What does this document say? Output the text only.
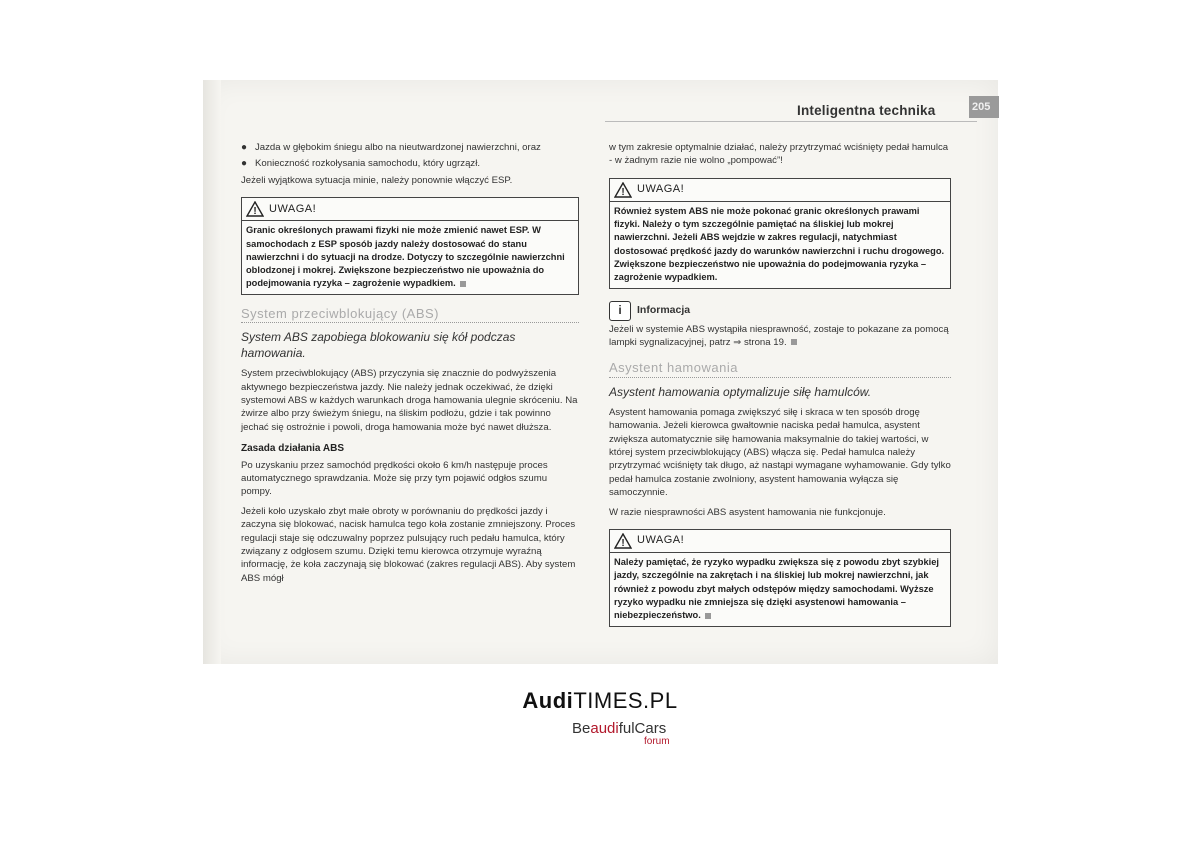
Inteligentna technika	205
● Jazda w głębokim śniegu albo na nieutwardzonej nawierzchni, oraz
● Konieczność rozkołysania samochodu, który ugrzązł.

Jeżeli wyjątkowa sytuacja minie, należy ponownie włączyć ESP.

! UWAGA!
Granic określonych prawami fizyki nie może zmienić nawet ESP. W samochodach z ESP sposób jazdy należy dostosować do stanu nawierzchni i do sytuacji na drodze. Dotyczy to szczególnie nawierzchni oblodzonej i mokrej. Zwiększone bezpieczeństwo nie upoważnia do podejmowania ryzyka – zagrożenie wypadkiem.
System przeciwblokujący (ABS)

System ABS zapobiega blokowaniu się kół podczas hamowania.

System przeciwblokujący (ABS) przyczynia się znacznie do podwyższenia aktywnego bezpieczeństwa jazdy. Nie należy jednak oczekiwać, że dzięki systemowi ABS w każdych warunkach droga hamowania ulegnie skróceniu. Na żwirze albo przy świeżym śniegu, na śliskim podłożu, gdzie i tak powinno jechać się ostrożnie i powoli, droga hamowania może być nawet dłuższa.

Zasada działania ABS

Po uzyskaniu przez samochód prędkości około 6 km/h następuje proces automatycznego sprawdzania. Może się przy tym pojawić odgłos szumu pompy.

Jeżeli koło uzyskało zbyt małe obroty w porównaniu do prędkości jazdy i zaczyna się blokować, nacisk hamulca tego koła zostanie zmniejszony. Proces regulacji staje się odczuwalny poprzez pulsujący ruch pedału hamulca, który związany z odgłosem szumu. Dzięki temu kierowca otrzymuje wyraźną informację, że koła zaczynają się blokować (zakres regulacji ABS). Aby system ABS mógł

w tym zakresie optymalnie działać, należy przytrzymać wciśnięty pedał hamulca - w żadnym razie nie wolno „pompować”!

! UWAGA!
Również system ABS nie może pokonać granic określonych prawami fizyki. Należy o tym szczególnie pamiętać na śliskiej lub mokrej nawierzchni. Jeżeli ABS wejdzie w zakres regulacji, natychmiast dostosować prędkość jazdy do warunków nawierzchni i ruchu drogowego. Zwiększone bezpieczeństwo nie upoważnia do podejmowania ryzyka – zagrożenie wypadkiem.
i	Informacja

Jeżeli w systemie ABS wystąpiła niesprawność, zostaje to pokazane za pomocą lampki sygnalizacyjnej, patrz ⇒ strona 19.

Asystent hamowania

Asystent hamowania optymalizuje siłę hamulców.

Asystent hamowania pomaga zwiększyć siłę i skraca w ten sposób drogę hamowania. Jeżeli kierowca gwałtownie naciska pedał hamulca, asystent zwiększa automatycznie siłę hamowania maksymalnie do takiej wartości, w której system przeciwblokujący (ABS) włącza się. Pedał hamulca należy przytrzymać wciśnięty tak długo, aż nastąpi wymagane wyhamowanie. Gdy tylko pedał hamulca zostanie zwolniony, asystent hamowania wyłącza się samoczynnie.

W razie niesprawności ABS asystent hamowania nie funkcjonuje.

! UWAGA!
Należy pamiętać, że ryzyko wypadku zwiększa się z powodu zbyt szybkiej jazdy, szczególnie na zakrętach i na śliskiej lub mokrej nawierzchni, jak również z powodu zbyt małych odstępów między samochodami. Wyższe ryzyko wypadku nie zmniejsza się dzięki asystenowi hamowania – niebezpieczeństwo.
AudiTIMES.PL
BeaudifulCars
forum
